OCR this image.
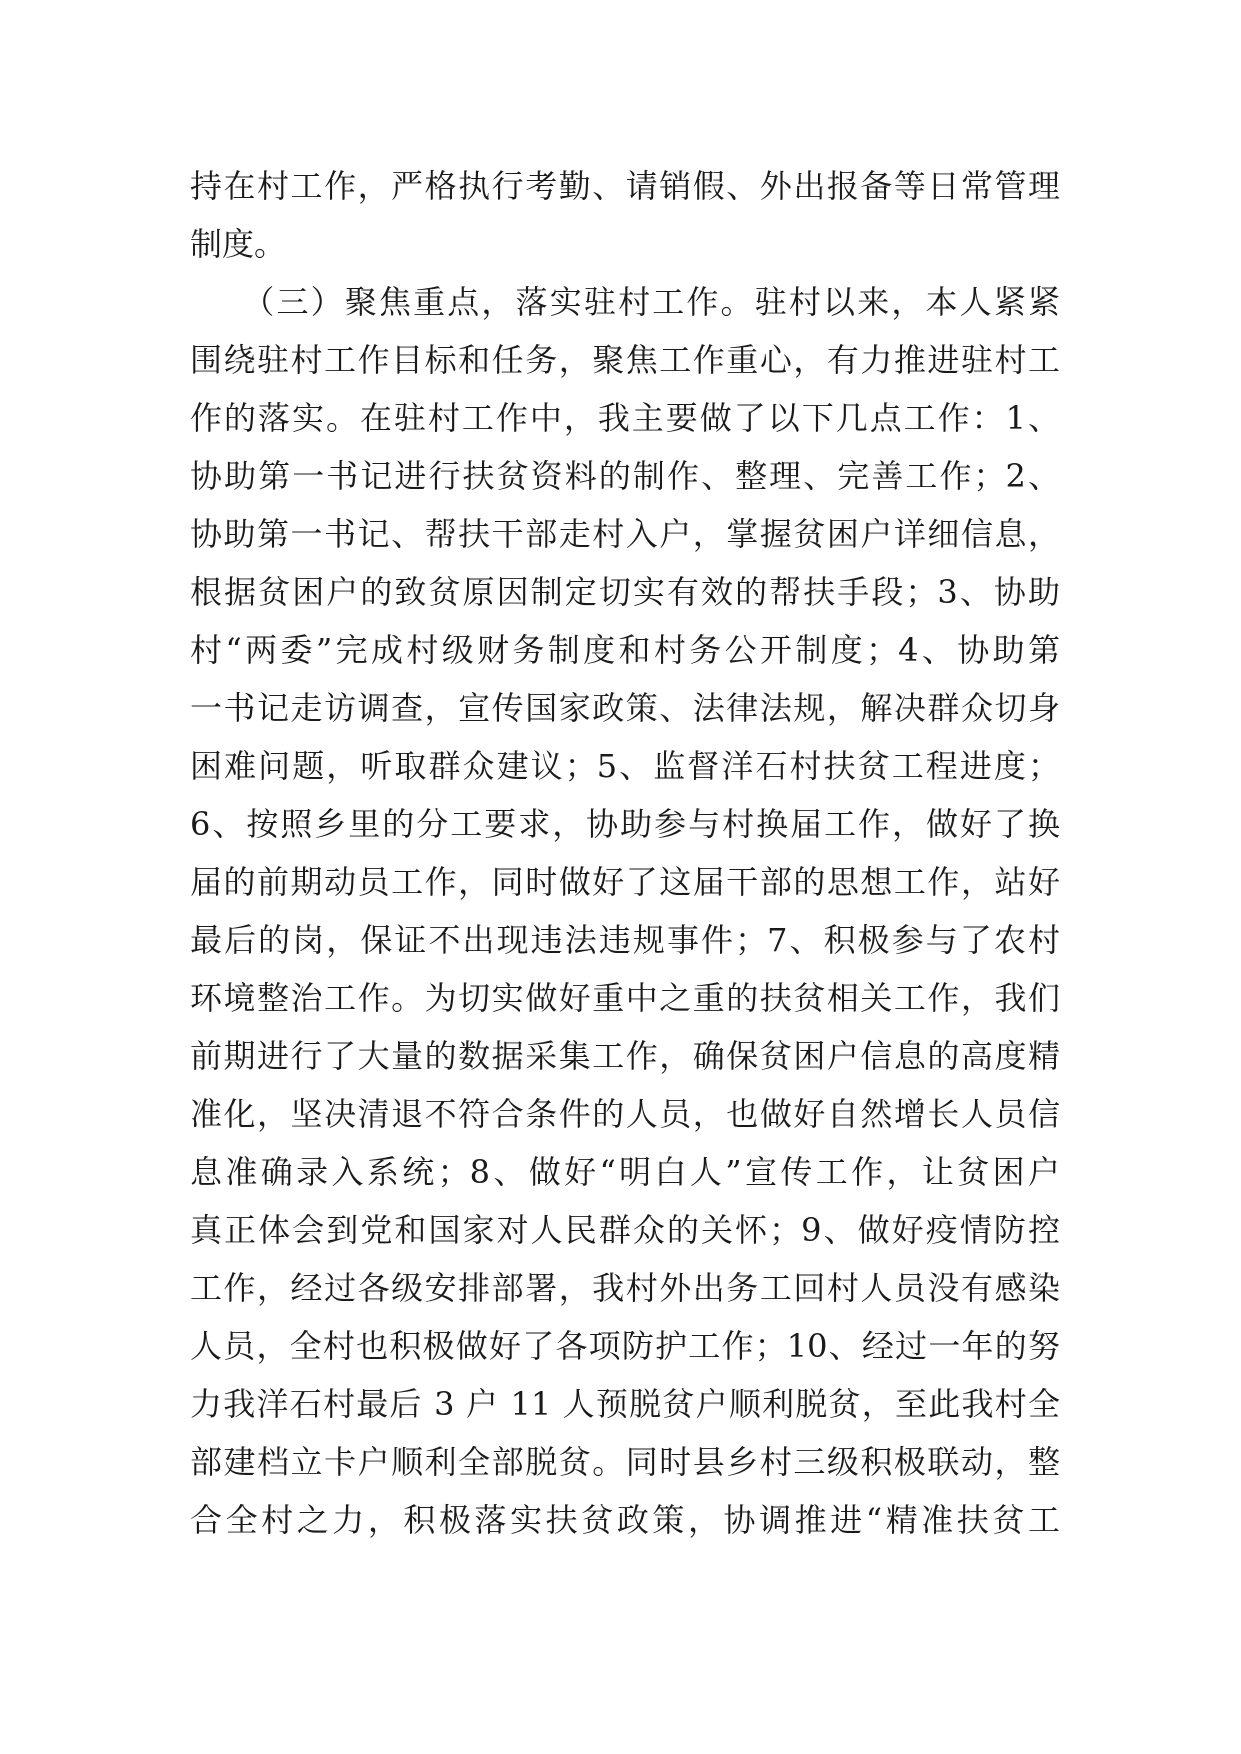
持在村工作，严格执行考勤、请销假、外出报备等日常管理
制度。
　　（三）聚焦重点，落实驻村工作。驻村以来，本人紧紧
围绕驻村工作目标和任务，聚焦工作重心，有力推进驻村工
作的落实。在驻村工作中，我主要做了以下几点工作：1、
协助第一书记进行扶贫资料的制作、整理、完善工作；2、
协助第一书记、帮扶干部走村入户，掌握贫困户详细信息，
根据贫困户的致贫原因制定切实有效的帮扶手段；3、协助
村“两委”完成村级财务制度和村务公开制度；4、协助第
一书记走访调查，宣传国家政策、法律法规，解决群众切身
困难问题，听取群众建议；5、监督洋石村扶贫工程进度；
6、按照乡里的分工要求，协助参与村换届工作，做好了换
届的前期动员工作，同时做好了这届干部的思想工作，站好
最后的岗，保证不出现违法违规事件；7、积极参与了农村
环境整治工作。为切实做好重中之重的扶贫相关工作，我们
前期进行了大量的数据采集工作，确保贫困户信息的高度精
准化，坚决清退不符合条件的人员，也做好自然增长人员信
息准确录入系统；8、做好“明白人”宣传工作，让贫困户
真正体会到党和国家对人民群众的关怀；9、做好疫情防控
工作，经过各级安排部署，我村外出务工回村人员没有感染
人员，全村也积极做好了各项防护工作；10、经过一年的努
力我洋石村最后 3 户 11 人预脱贫户顺利脱贫，至此我村全
部建档立卡户顺利全部脱贫。同时县乡村三级积极联动，整
合全村之力，积极落实扶贫政策，协调推进“精准扶贫工
